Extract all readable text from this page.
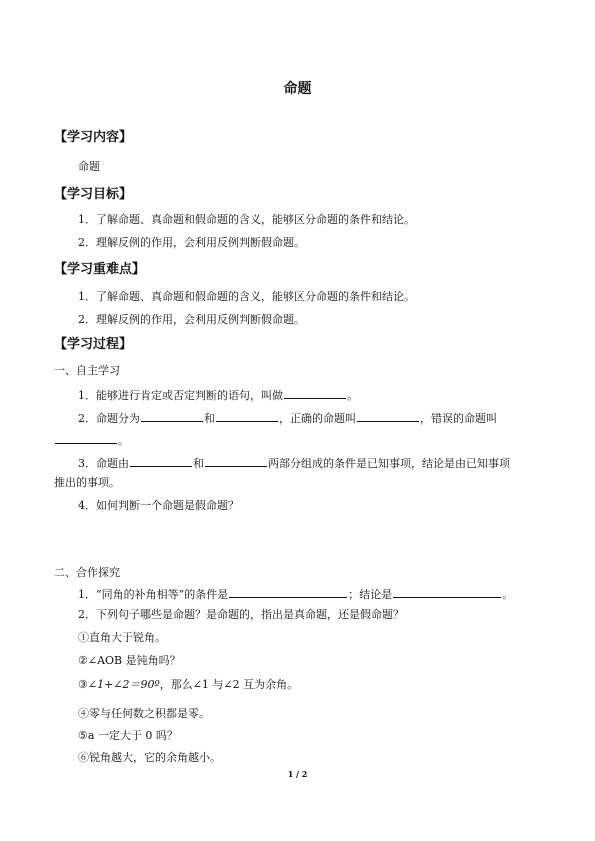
命题
【学习内容】
命题
【学习目标】
1．了解命题、真命题和假命题的含义，能够区分命题的条件和结论。
2．理解反例的作用，会利用反例判断假命题。
【学习重难点】
1．了解命题、真命题和假命题的含义，能够区分命题的条件和结论。
2．理解反例的作用，会利用反例判断假命题。
【学习过程】
一、自主学习
1．能够进行肯定或否定判断的语句，叫做	。
2．命题分为	和	，正确的命题叫	，错误的命题叫
。
3．命题由	和	两部分组成的条件是已知事项，结论是由已知事项
推出的事项。
4．如何判断一个命题是假命题？
二、合作探究
1．“同角的补角相等”的条件是	；结论是	。
2．下列句子哪些是命题？是命题的，指出是真命题，还是假命题？
①直角大于锐角。
②∠AOB 是钝角吗？
③∠1+∠2＝90º，那么∠1 与∠2 互为余角。
④零与任何数之积都是零。
⑤a 一定大于 0 吗？
⑥锐角越大，它的余角越小。
1 / 2
